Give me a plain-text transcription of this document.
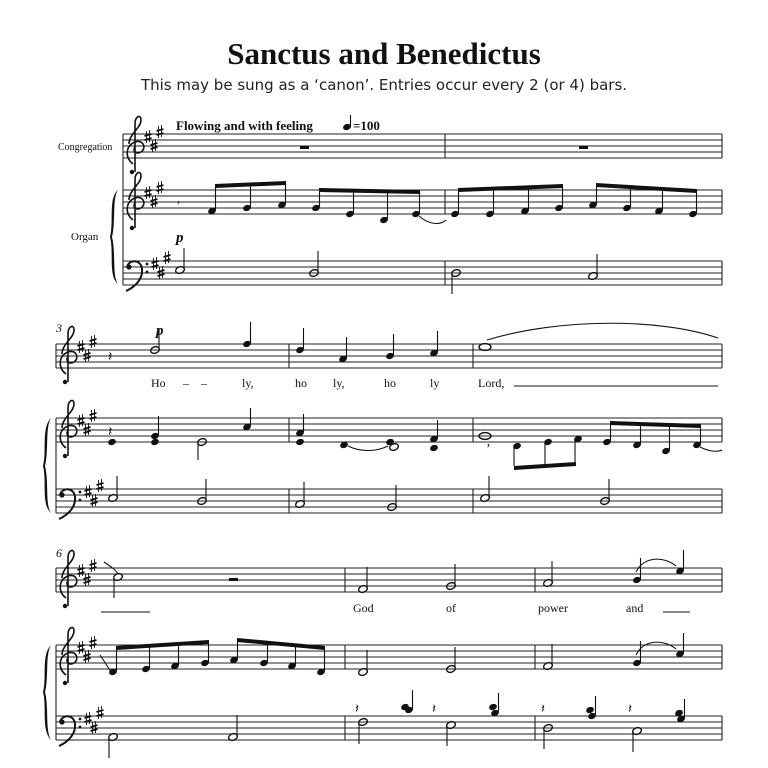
Sanctus and Benedictus
This may be sung as a ‘canon’. Entries occur every 2 (or 4) bars.
Flowing and with feeling	=100
Congregation
Organ
ʼ
p
3	p
𝄽
Ho – –	ly,	ho ly,	ho	ly	Lord,
𝄽
ʼ
6
God	of	power	and
𝄽	𝄽	𝄽	𝄽
